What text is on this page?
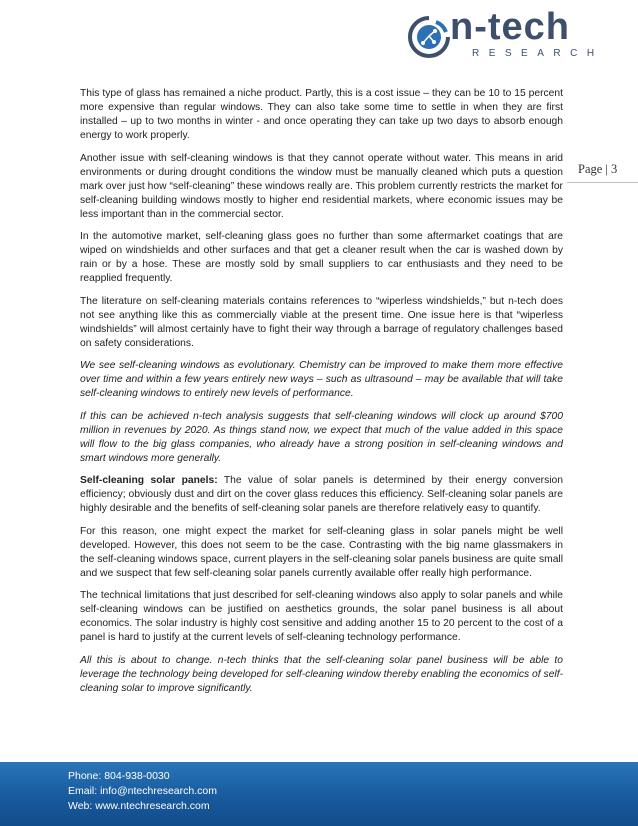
n-tech
RESEARCH
Page | 3

This type of glass has remained a niche product. Partly, this is a cost issue – they can be 10 to 15 percent more expensive than regular windows. They can also take some time to settle in when they are first installed – up to two months in winter - and once operating they can take up two days to absorb enough energy to work properly.

Another issue with self-cleaning windows is that they cannot operate without water. This means in arid environments or during drought conditions the window must be manually cleaned which puts a question mark over just how “self-cleaning” these windows really are. This problem currently restricts the market for self-cleaning building windows mostly to higher end residential markets, where economic issues may be less important than in the commercial sector.

In the automotive market, self-cleaning glass goes no further than some aftermarket coatings that are wiped on windshields and other surfaces and that get a cleaner result when the car is washed down by rain or by a hose. These are mostly sold by small suppliers to car enthusiasts and they need to be reapplied frequently.

The literature on self-cleaning materials contains references to “wiperless windshields,” but n-tech does not see anything like this as commercially viable at the present time. One issue here is that “wiperless windshields” will almost certainly have to fight their way through a barrage of regulatory challenges based on safety considerations.

We see self-cleaning windows as evolutionary. Chemistry can be improved to make them more effective over time and within a few years entirely new ways – such as ultrasound – may be available that will take self-cleaning windows to entirely new levels of performance.

If this can be achieved n-tech analysis suggests that self-cleaning windows will clock up around $700 million in revenues by 2020. As things stand now, we expect that much of the value added in this space will flow to the big glass companies, who already have a strong position in self-cleaning windows and smart windows more generally.

Self-cleaning solar panels: The value of solar panels is determined by their energy conversion efficiency; obviously dust and dirt on the cover glass reduces this efficiency. Self-cleaning solar panels are highly desirable and the benefits of self-cleaning solar panels are therefore relatively easy to quantify.

For this reason, one might expect the market for self-cleaning glass in solar panels might be well developed. However, this does not seem to be the case. Contrasting with the big name glassmakers in the self-cleaning windows space, current players in the self-cleaning solar panels business are quite small and we suspect that few self-cleaning solar panels currently available offer really high performance.

The technical limitations that just described for self-cleaning windows also apply to solar panels and while self-cleaning windows can be justified on aesthetics grounds, the solar panel business is all about economics. The solar industry is highly cost sensitive and adding another 15 to 20 percent to the cost of a panel is hard to justify at the current levels of self-cleaning technology performance.

All this is about to change. n-tech thinks that the self-cleaning solar panel business will be able to leverage the technology being developed for self-cleaning window thereby enabling the economics of self-cleaning solar to improve significantly.

Phone: 804-938-0030
Email: info@ntechresearch.com
Web: www.ntechresearch.com
